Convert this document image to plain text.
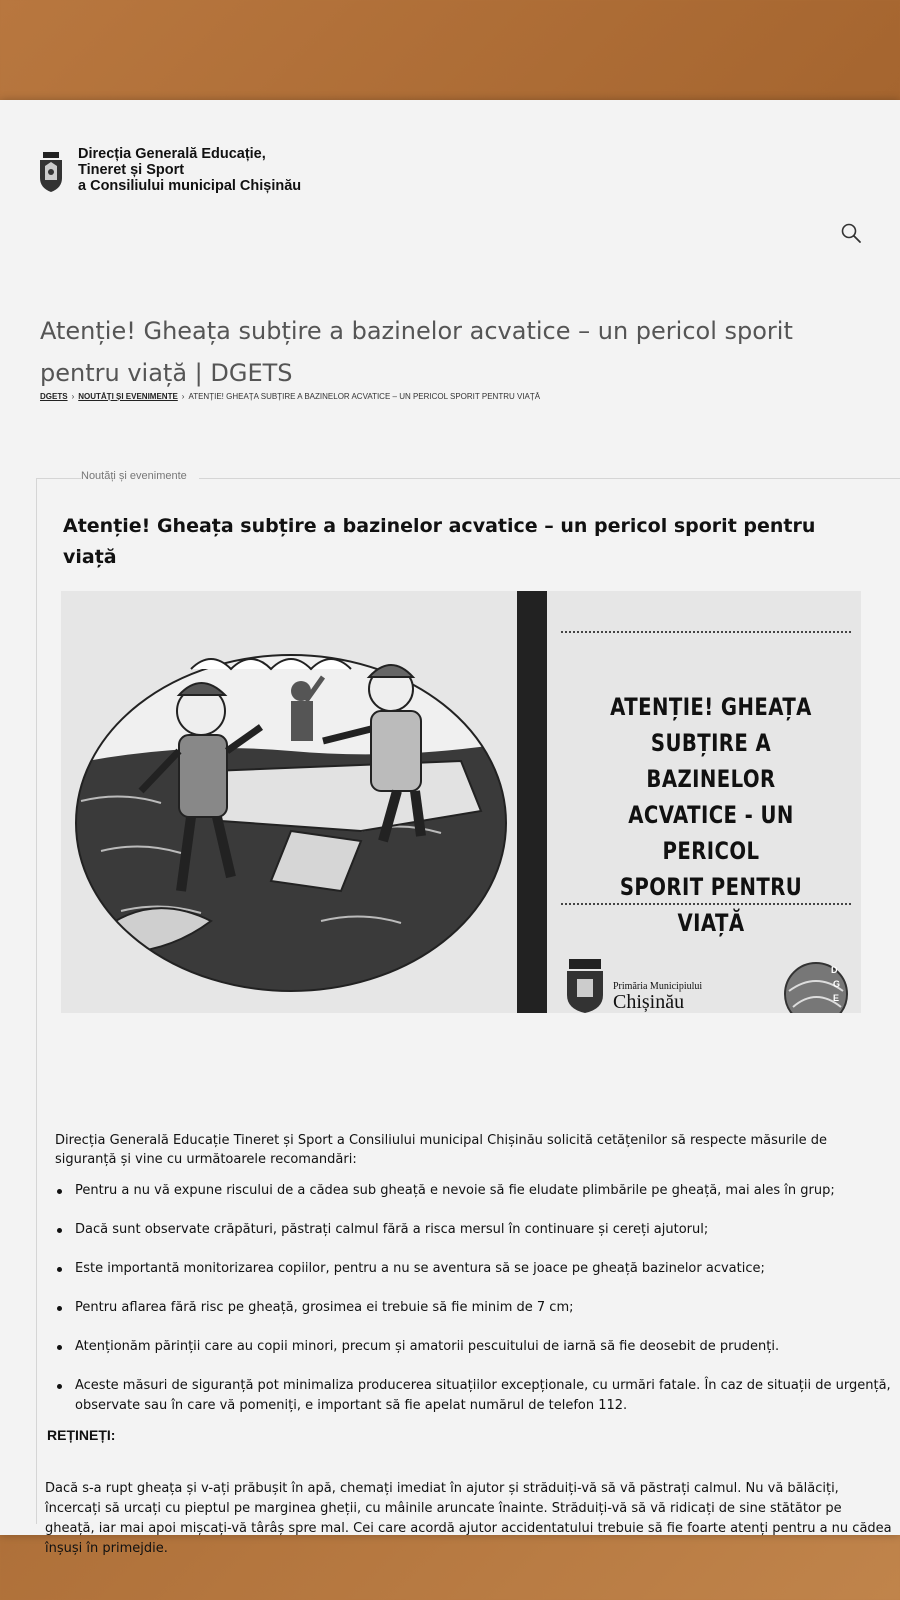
Direcția Generală Educație,
Tineret și Sport
a Consiliului municipal Chișinău
Atenție! Gheața subțire a bazinelor acvatice – un pericol sporit pentru viață | DGETS
DGETS › NOUTĂȚI ȘI EVENIMENTE › ATENȚIE! GHEAȚA SUBȚIRE A BAZINELOR ACVATICE – UN PERICOL SPORIT PENTRU VIAȚĂ
Noutăți și evenimente
Atenție! Gheața subțire a bazinelor acvatice – un pericol sporit pentru viață
ATENȚIE! GHEAȚA
SUBȚIRE A BAZINELOR
ACVATICE - UN
PERICOL
SPORIT PENTRU VIAȚĂ
Primăria Municipiului
Chișinău
D
G
E

Direcția Generală Educație Tineret și Sport a Consiliului municipal Chișinău solicită cetățenilor să respecte măsurile de siguranță și vine cu următoarele recomandări:

Pentru a nu vă expune riscului de a cădea sub gheață e nevoie să fie eludate plimbările pe gheață, mai ales în grup;
Dacă sunt observate crăpături, păstrați calmul fără a risca mersul în continuare și cereți ajutorul;
Este importantă monitorizarea copiilor, pentru a nu se aventura să se joace pe gheață bazinelor acvatice;
Pentru aflarea fără risc pe gheață, grosimea ei trebuie să fie minim de 7 cm;
Atenționăm părinții care au copii minori, precum și amatorii pescuitului de iarnă să fie deosebit de prudenți.
Aceste măsuri de siguranță pot minimaliza producerea situațiilor excepționale, cu urmări fatale. În caz de situații de urgență, observate sau în care vă pomeniți, e important să fie apelat numărul de telefon 112.
REȚINEȚI:

Dacă s-a rupt gheața și v-ați prăbușit în apă, chemați imediat în ajutor și străduiți-vă să vă păstrați calmul. Nu vă bălăciți, încercați să urcați cu pieptul pe marginea gheții, cu mâinile aruncate înainte. Străduiți-vă să vă ridicați de sine stătător pe gheață, iar mai apoi mișcați-vă târâș spre mal. Cei care acordă ajutor accidentatului trebuie să fie foarte atenți pentru a nu cădea înșuși în primejdie.
